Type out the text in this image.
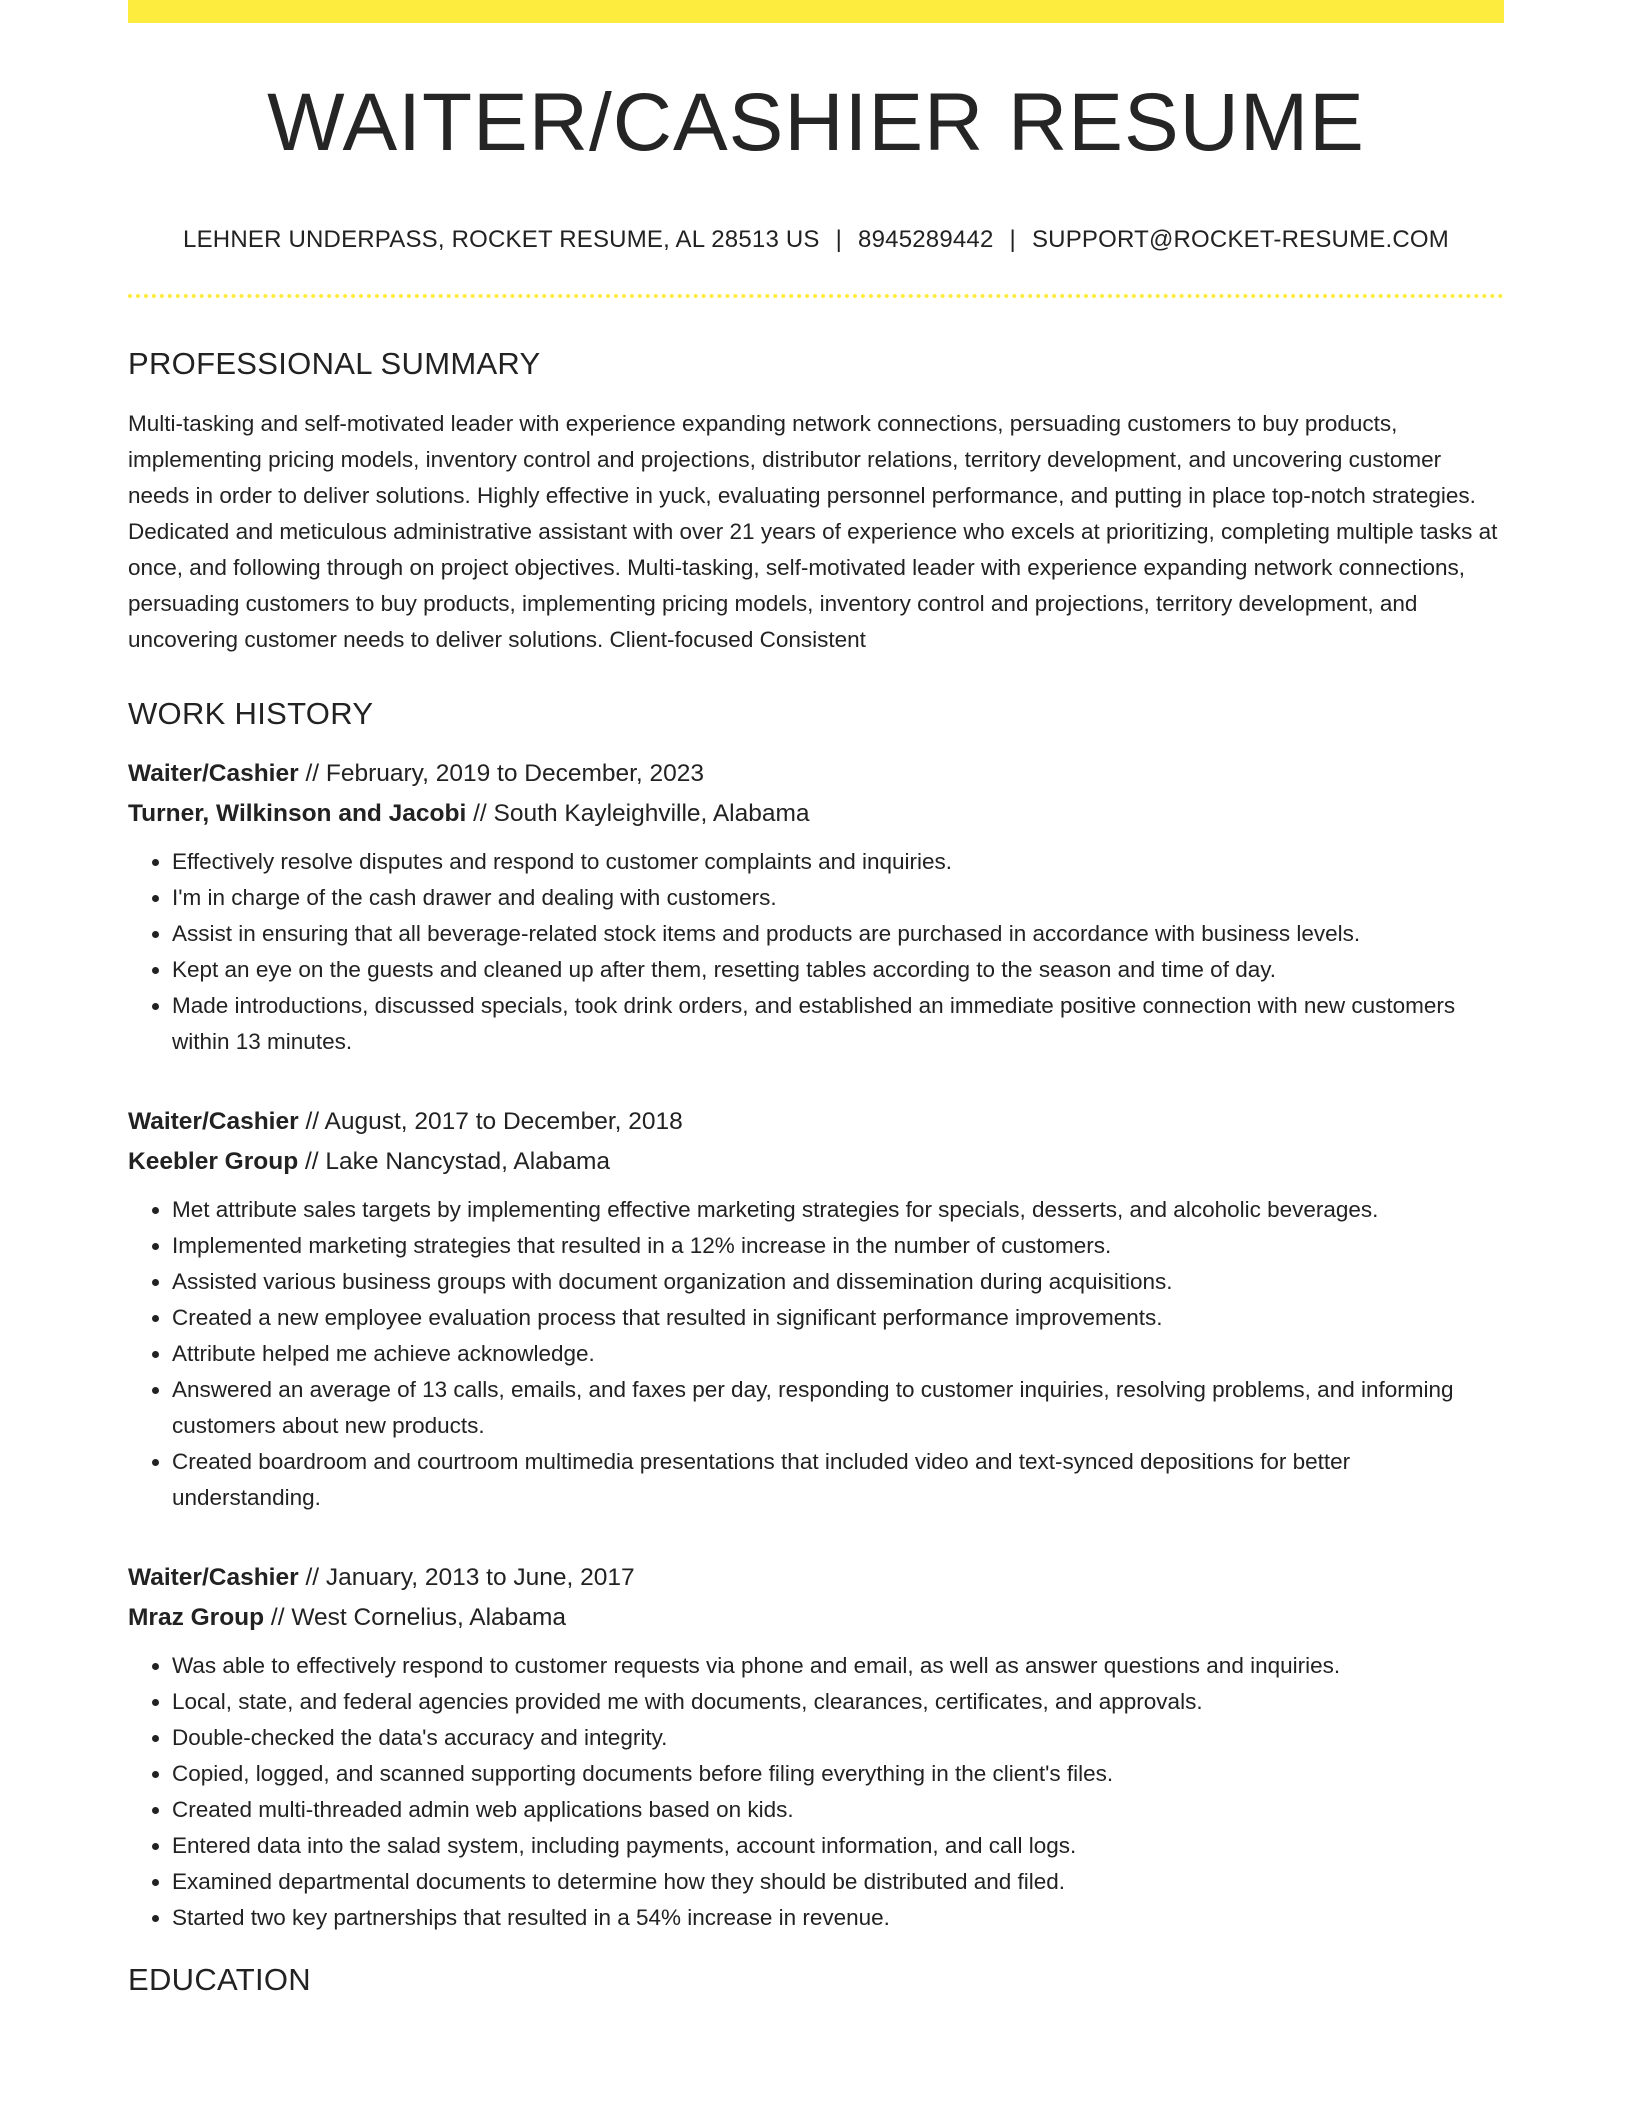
WAITER/CASHIER RESUME
LEHNER UNDERPASS, ROCKET RESUME, AL 28513 US | 8945289442 | SUPPORT@ROCKET-RESUME.COM
PROFESSIONAL SUMMARY
Multi-tasking and self-motivated leader with experience expanding network connections, persuading customers to buy products, implementing pricing models, inventory control and projections, distributor relations, territory development, and uncovering customer needs in order to deliver solutions. Highly effective in yuck, evaluating personnel performance, and putting in place top-notch strategies. Dedicated and meticulous administrative assistant with over 21 years of experience who excels at prioritizing, completing multiple tasks at once, and following through on project objectives. Multi-tasking, self-motivated leader with experience expanding network connections, persuading customers to buy products, implementing pricing models, inventory control and projections, territory development, and uncovering customer needs to deliver solutions. Client-focused Consistent
WORK HISTORY
Waiter/Cashier // February, 2019 to December, 2023
Turner, Wilkinson and Jacobi // South Kayleighville, Alabama
• Effectively resolve disputes and respond to customer complaints and inquiries.
• I'm in charge of the cash drawer and dealing with customers.
• Assist in ensuring that all beverage-related stock items and products are purchased in accordance with business levels.
• Kept an eye on the guests and cleaned up after them, resetting tables according to the season and time of day.
• Made introductions, discussed specials, took drink orders, and established an immediate positive connection with new customers within 13 minutes.
Waiter/Cashier // August, 2017 to December, 2018
Keebler Group // Lake Nancystad, Alabama
• Met attribute sales targets by implementing effective marketing strategies for specials, desserts, and alcoholic beverages.
• Implemented marketing strategies that resulted in a 12% increase in the number of customers.
• Assisted various business groups with document organization and dissemination during acquisitions.
• Created a new employee evaluation process that resulted in significant performance improvements.
• Attribute helped me achieve acknowledge.
• Answered an average of 13 calls, emails, and faxes per day, responding to customer inquiries, resolving problems, and informing customers about new products.
• Created boardroom and courtroom multimedia presentations that included video and text-synced depositions for better understanding.
Waiter/Cashier // January, 2013 to June, 2017
Mraz Group // West Cornelius, Alabama
• Was able to effectively respond to customer requests via phone and email, as well as answer questions and inquiries.
• Local, state, and federal agencies provided me with documents, clearances, certificates, and approvals.
• Double-checked the data's accuracy and integrity.
• Copied, logged, and scanned supporting documents before filing everything in the client's files.
• Created multi-threaded admin web applications based on kids.
• Entered data into the salad system, including payments, account information, and call logs.
• Examined departmental documents to determine how they should be distributed and filed.
• Started two key partnerships that resulted in a 54% increase in revenue.
EDUCATION
